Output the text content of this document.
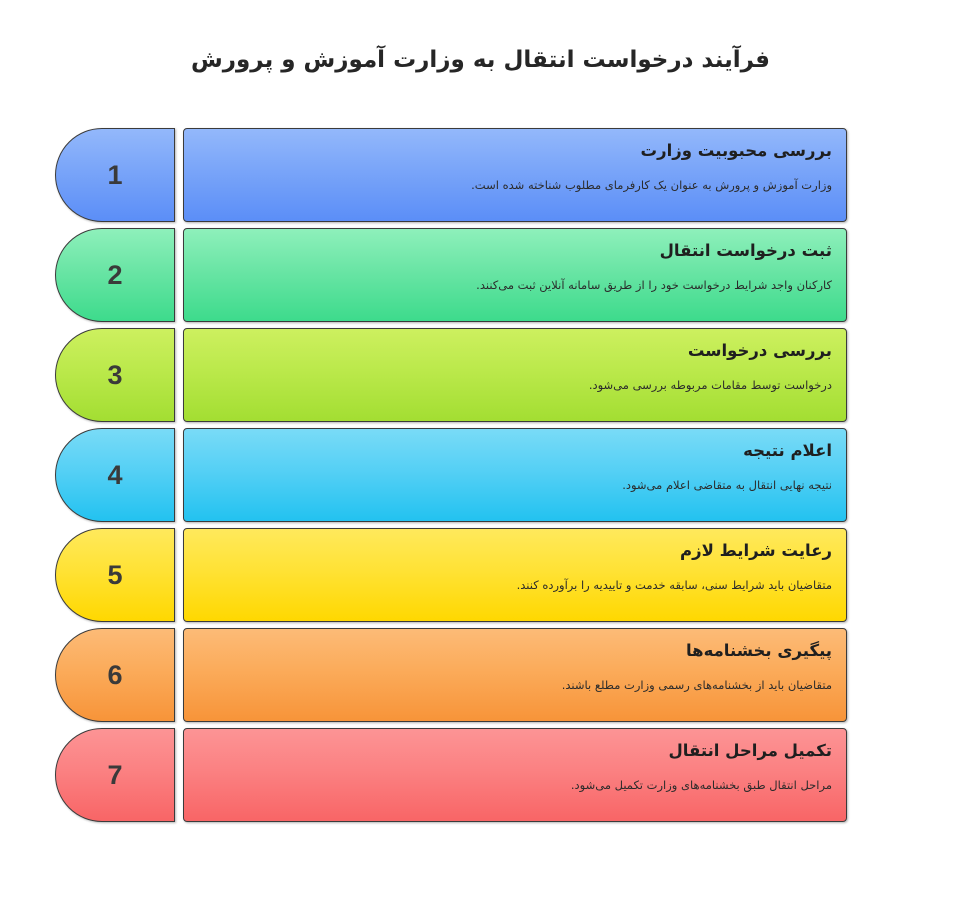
فرآیند درخواست انتقال به وزارت آموزش و پرورش
1
بررسی محبوبیت وزارت
وزارت آموزش و پرورش به عنوان یک کارفرمای مطلوب شناخته شده است.
2
ثبت درخواست انتقال
کارکنان واجد شرایط درخواست خود را از طریق سامانه آنلاین ثبت می‌کنند.
3
بررسی درخواست
درخواست توسط مقامات مربوطه بررسی می‌شود.
4
اعلام نتیجه
نتیجه نهایی انتقال به متقاضی اعلام می‌شود.
5
رعایت شرایط لازم
متقاضیان باید شرایط سنی، سابقه خدمت و تاییدیه را برآورده کنند.
6
پیگیری بخشنامه‌ها
متقاضیان باید از بخشنامه‌های رسمی وزارت مطلع باشند.
7
تکمیل مراحل انتقال
مراحل انتقال طبق بخشنامه‌های وزارت تکمیل می‌شود.
